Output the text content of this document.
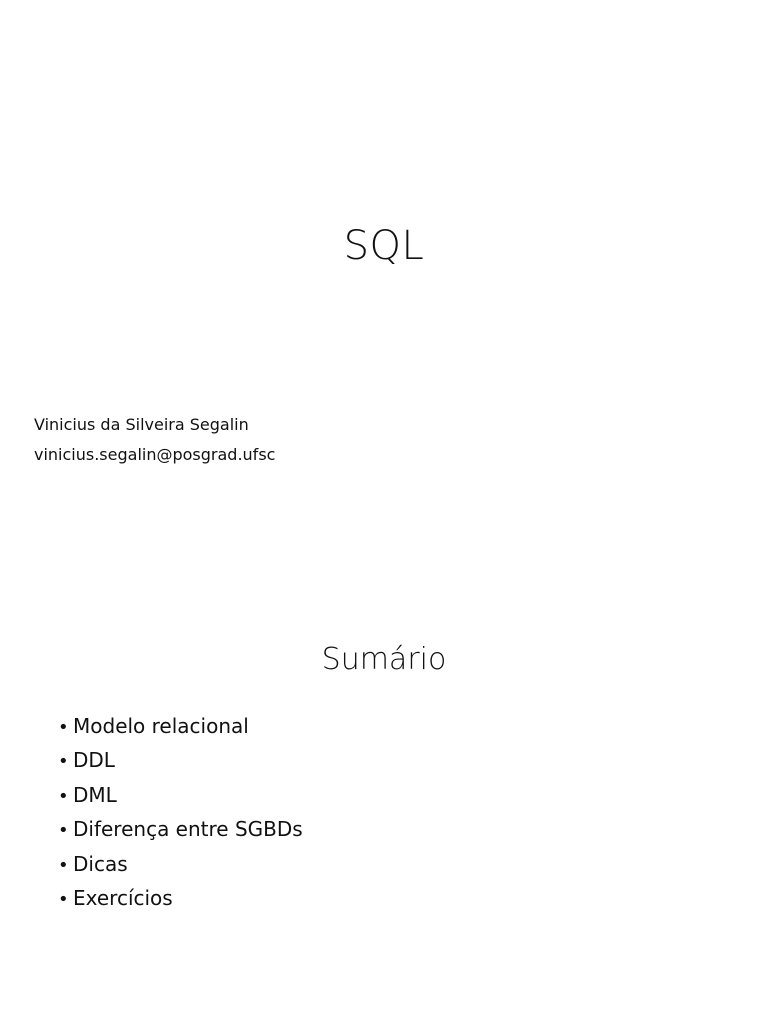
SQL
Vinicius da Silveira Segalin
vinicius.segalin@posgrad.ufsc
Sumário
• Modelo relacional
• DDL
• DML
• Diferença entre SGBDs
• Dicas
• Exercícios
